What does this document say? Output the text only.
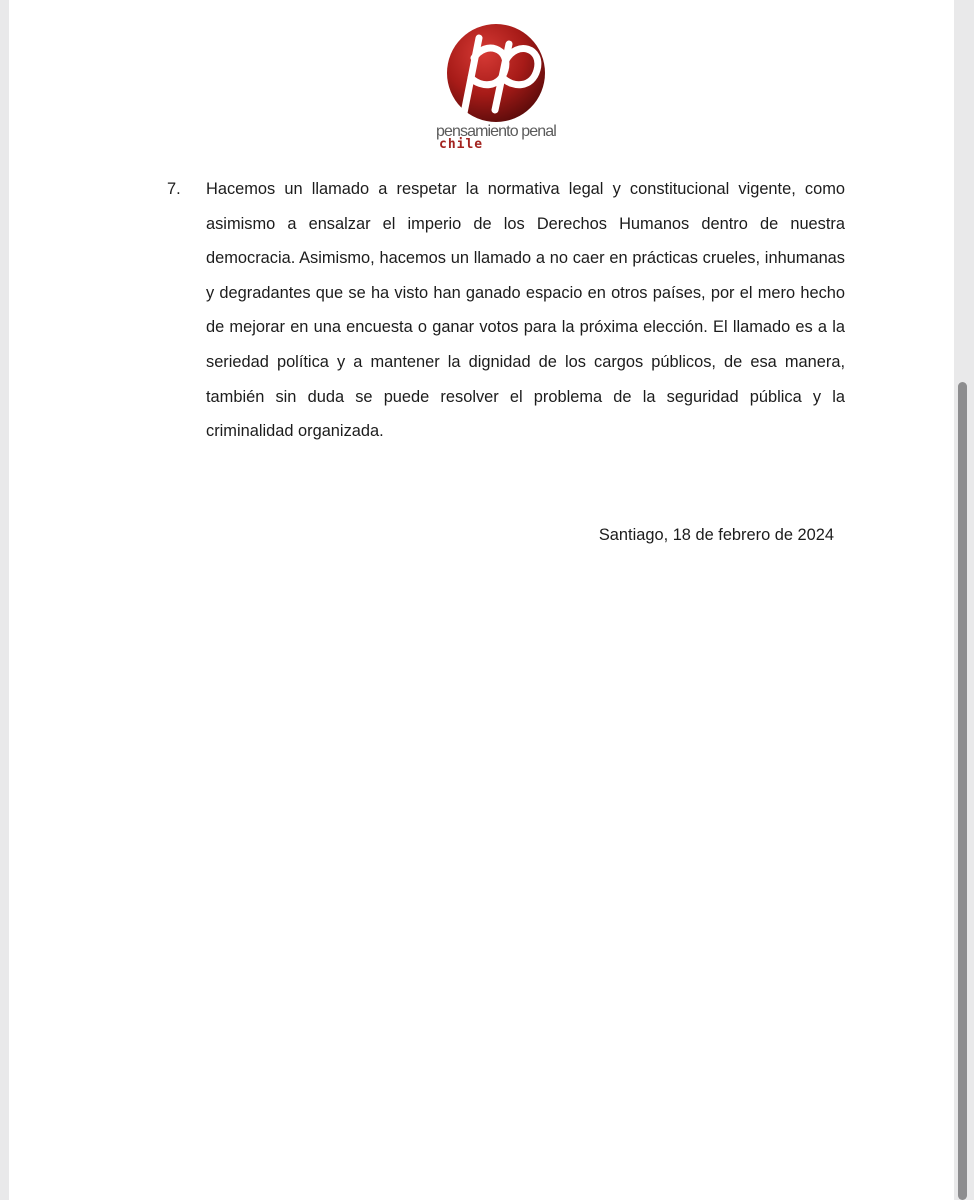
pensamiento penal
chile
7. Hacemos un llamado a respetar la normativa legal y constitucional vigente, como asimismo a ensalzar el imperio de los Derechos Humanos dentro de nuestra democracia. Asimismo, hacemos un llamado a no caer en prácticas crueles, inhumanas y degradantes que se ha visto han ganado espacio en otros países, por el mero hecho de mejorar en una encuesta o ganar votos para la próxima elección. El llamado es a la seriedad política y a mantener la dignidad de los cargos públicos, de esa manera, también sin duda se puede resolver el problema de la seguridad pública y la criminalidad organizada.
Santiago, 18 de febrero de 2024
